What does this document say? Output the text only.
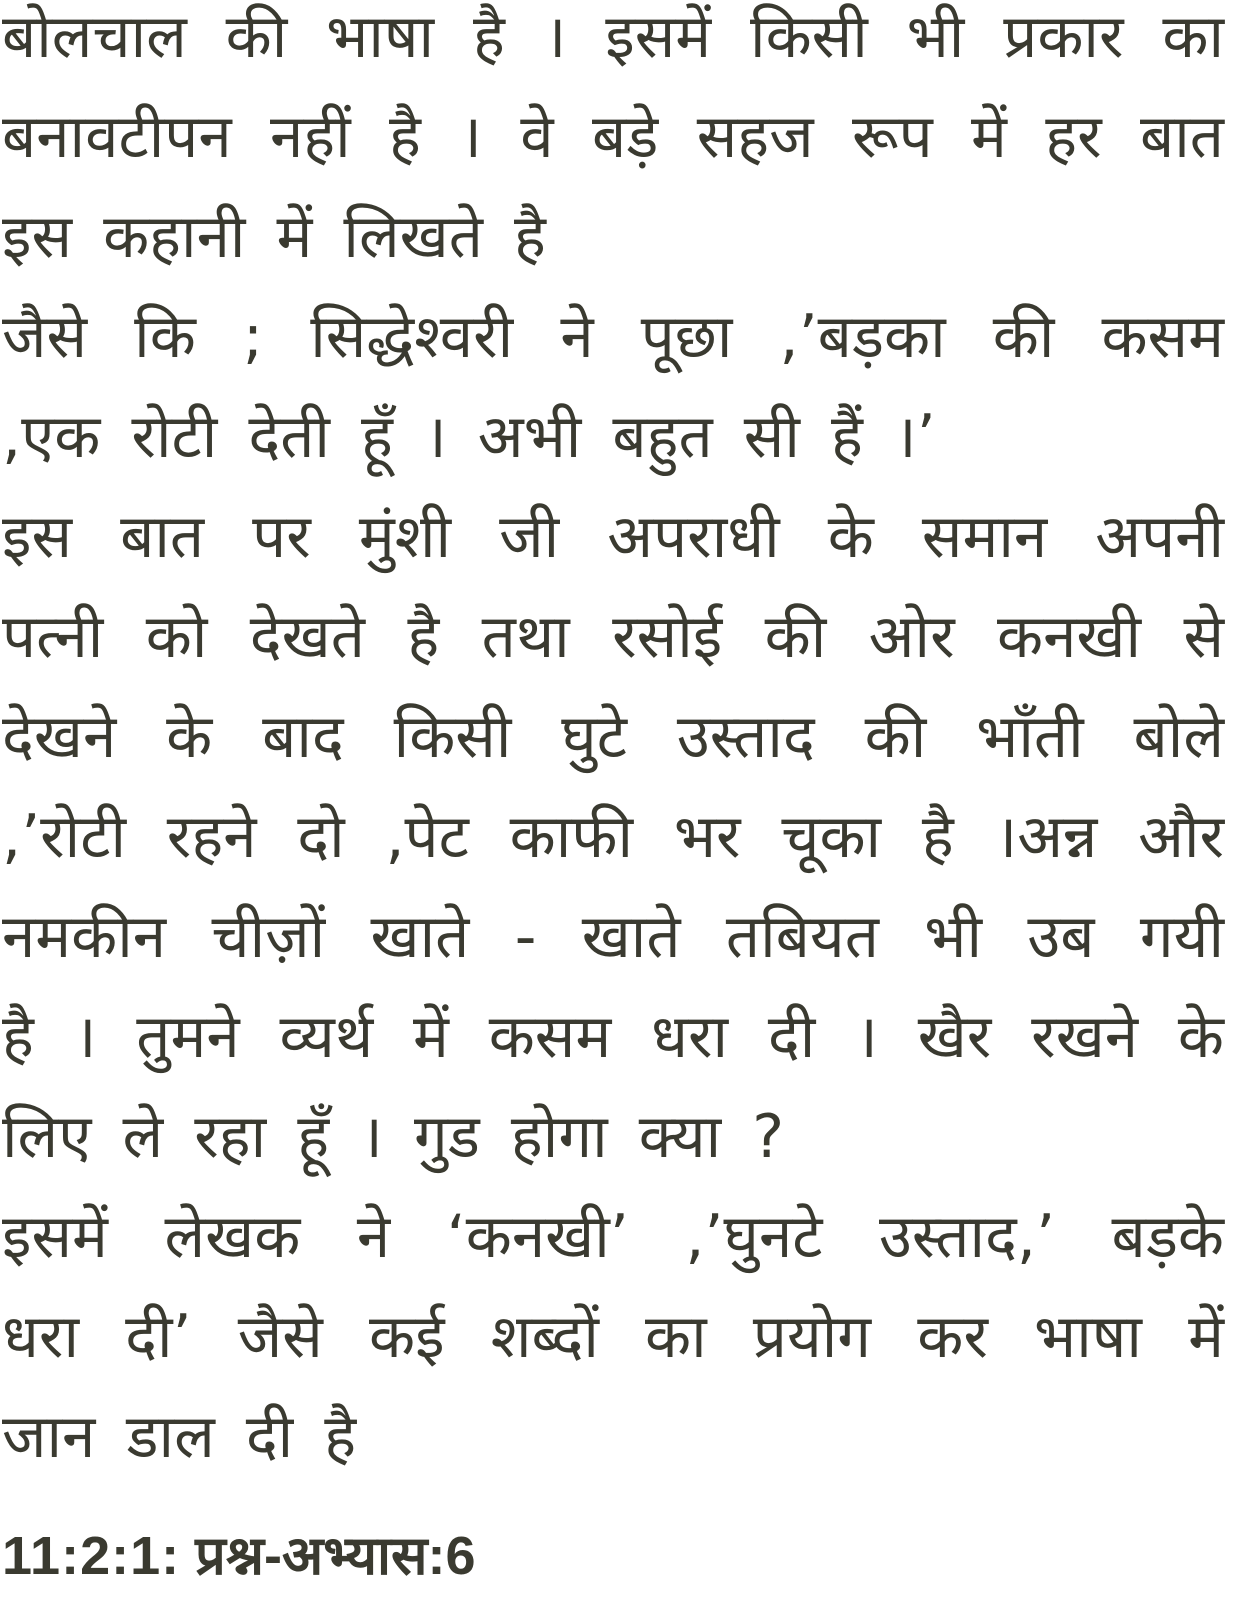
बोलचाल की भाषा है । इसमें किसी भी प्रकार का
बनावटीपन नहीं है । वे बड़े सहज रूप में हर बात
इस कहानी में लिखते है
जैसे कि ; सिद्धेश्वरी ने पूछा ,’बड़का की कसम
,एक रोटी देती हूँ । अभी बहुत सी हैं ।’
इस बात पर मुंशी जी अपराधी के समान अपनी
पत्नी को देखते है तथा रसोई की ओर कनखी से
देखने के बाद किसी घुटे उस्ताद की भाँती बोले
,’रोटी रहने दो ,पेट काफी भर चूका है ।अन्न और
नमकीन चीज़ों खाते - खाते तबियत भी उब गयी
है । तुमने व्यर्थ में कसम धरा दी । खैर रखने के
लिए ले रहा हूँ । गुड होगा क्या ?
इसमें लेखक ने ‘कनखी’ ,’घुनटे उस्ताद,’ बड़के
धरा दी’ जैसे कई शब्दों का प्रयोग कर भाषा में
जान डाल दी है
11:2:1: प्रश्न-अभ्यास:6
